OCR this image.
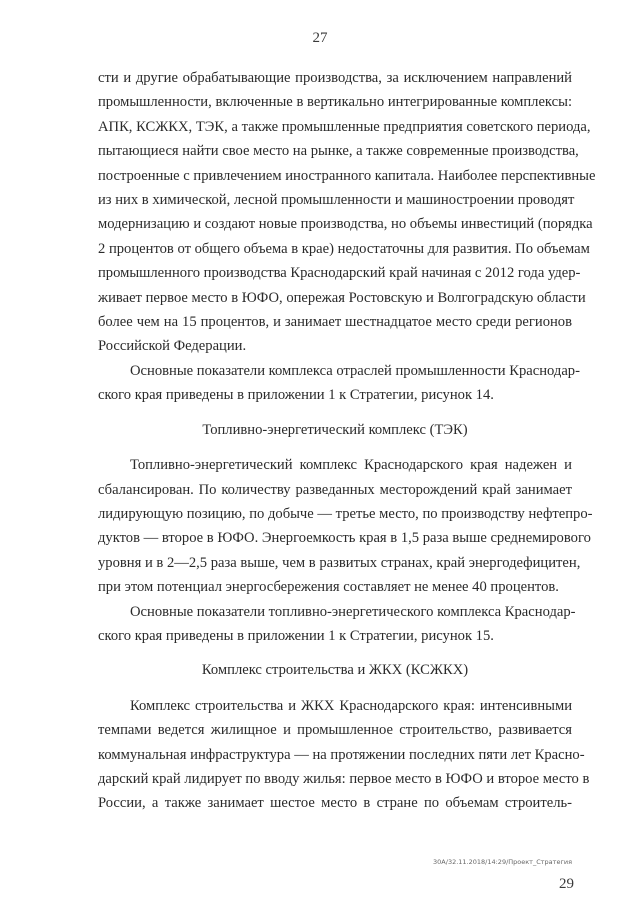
27
сти и другие обрабатывающие производства, за исключением направлений
промышленности, включенные в вертикально интегрированные комплексы:
АПК, КСЖКХ, ТЭК, а также промышленные предприятия советского периода,
пытающиеся найти свое место на рынке, а также современные производства,
построенные с привлечением иностранного капитала. Наиболее перспективные
из них в химической, лесной промышленности и машиностроении проводят
модернизацию и создают новые производства, но объемы инвестиций (порядка
2 процентов от общего объема в крае) недостаточны для развития. По объемам
промышленного производства Краснодарский край начиная с 2012 года удер-
живает первое место в ЮФО, опережая Ростовскую и Волгоградскую области
более чем на 15 процентов, и занимает шестнадцатое место среди регионов
Российской Федерации.
Основные показатели комплекса отраслей промышленности Краснодар-
ского края приведены в приложении 1 к Стратегии, рисунок 14.
Топливно-энергетический комплекс (ТЭК)
Топливно-энергетический комплекс Краснодарского края надежен и
сбалансирован. По количеству разведанных месторождений край занимает
лидирующую позицию, по добыче — третье место, по производству нефтепро-
дуктов — второе в ЮФО. Энергоемкость края в 1,5 раза выше среднемирового
уровня и в 2—2,5 раза выше, чем в развитых странах, край энергодефицитен,
при этом потенциал энергосбережения составляет не менее 40 процентов.
Основные показатели топливно-энергетического комплекса Краснодар-
ского края приведены в приложении 1 к Стратегии, рисунок 15.
Комплекс строительства и ЖКХ (КСЖКХ)
Комплекс строительства и ЖКХ Краснодарского края: интенсивными
темпами ведется жилищное и промышленное строительство, развивается
коммунальная инфраструктура — на протяжении последних пяти лет Красно-
дарский край лидирует по вводу жилья: первое место в ЮФО и второе место в
России, а также занимает шестое место в стране по объемам строитель-
30А/32.11.2018/14:29/Проект_Стратегия
29
